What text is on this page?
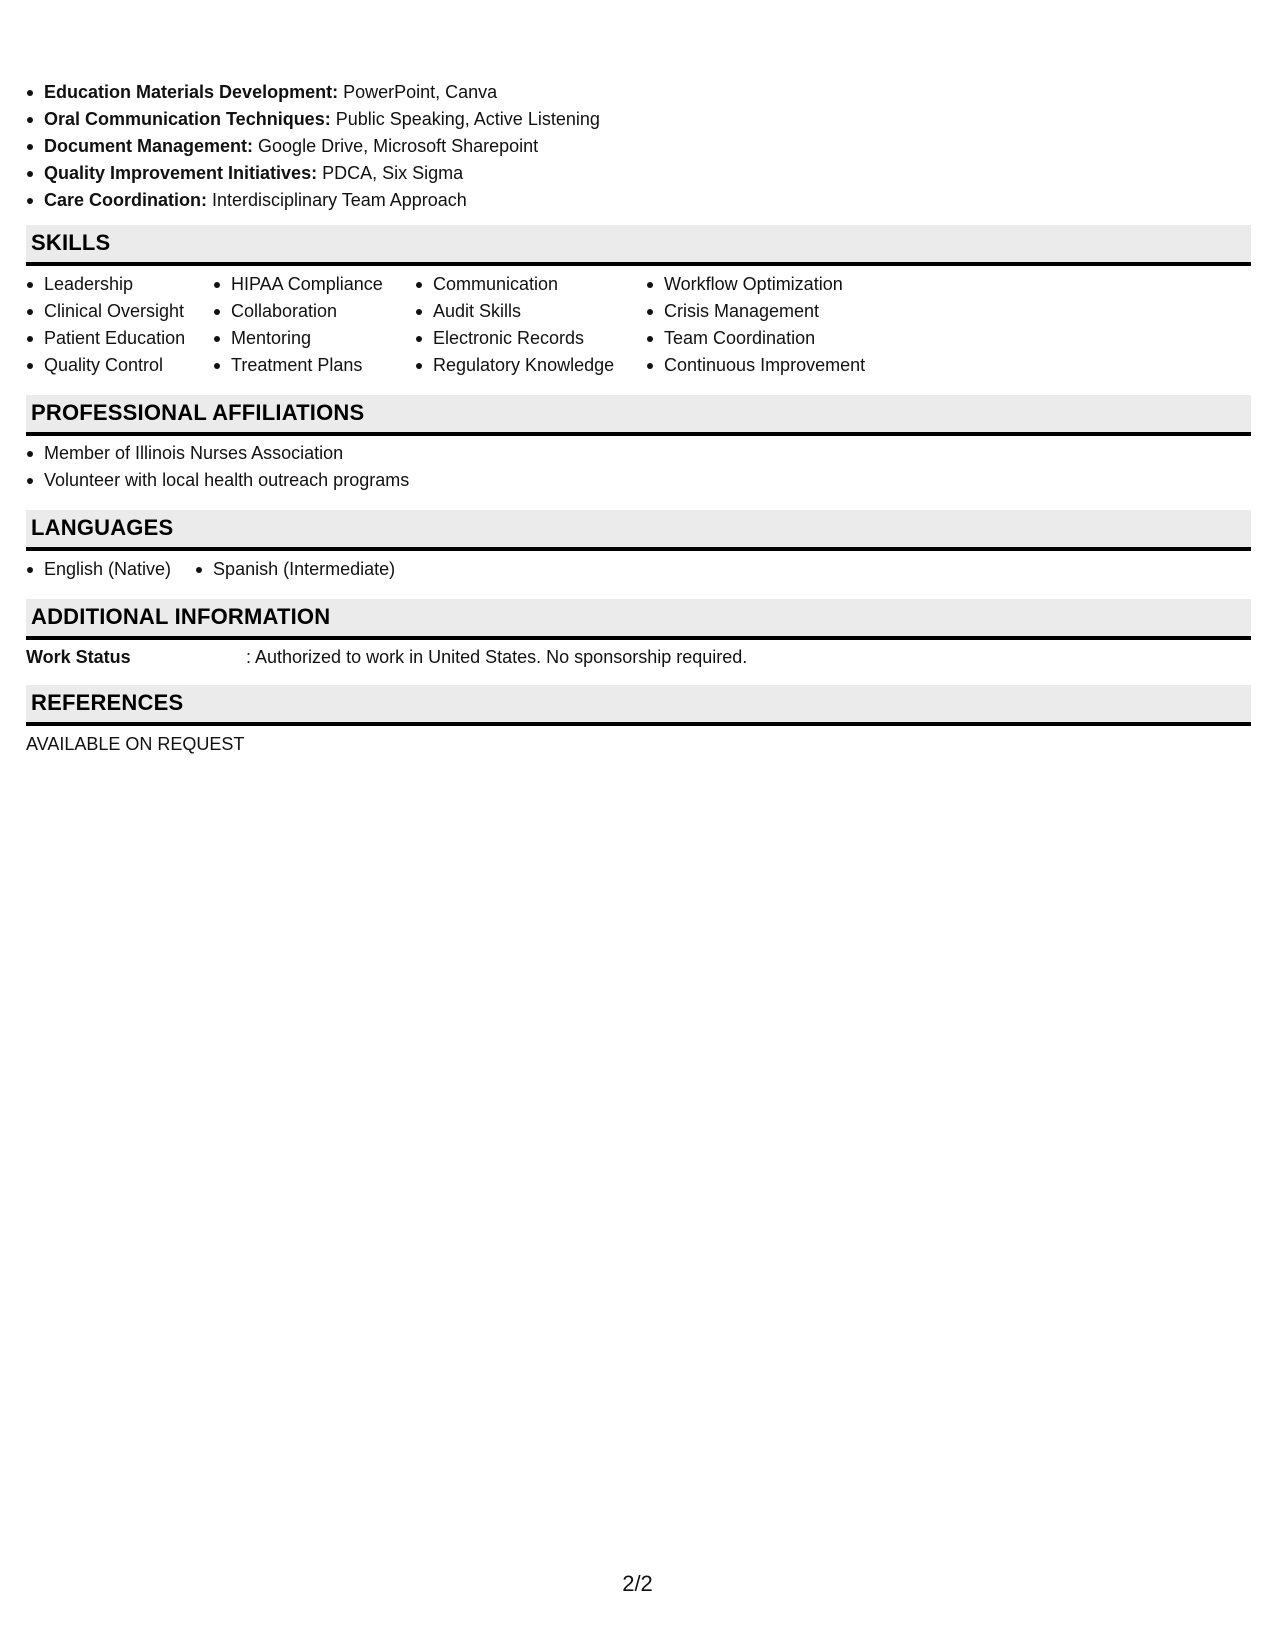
Education Materials Development: PowerPoint, Canva
Oral Communication Techniques: Public Speaking, Active Listening
Document Management: Google Drive, Microsoft Sharepoint
Quality Improvement Initiatives: PDCA, Six Sigma
Care Coordination: Interdisciplinary Team Approach
SKILLS
Leadership
Clinical Oversight
Patient Education
Quality Control
HIPAA Compliance
Collaboration
Mentoring
Treatment Plans
Communication
Audit Skills
Electronic Records
Regulatory Knowledge
Workflow Optimization
Crisis Management
Team Coordination
Continuous Improvement
PROFESSIONAL AFFILIATIONS
Member of Illinois Nurses Association
Volunteer with local health outreach programs
LANGUAGES
English (Native)	Spanish (Intermediate)
ADDITIONAL INFORMATION
Work Status	: Authorized to work in United States. No sponsorship required.
REFERENCES
AVAILABLE ON REQUEST
2/2
